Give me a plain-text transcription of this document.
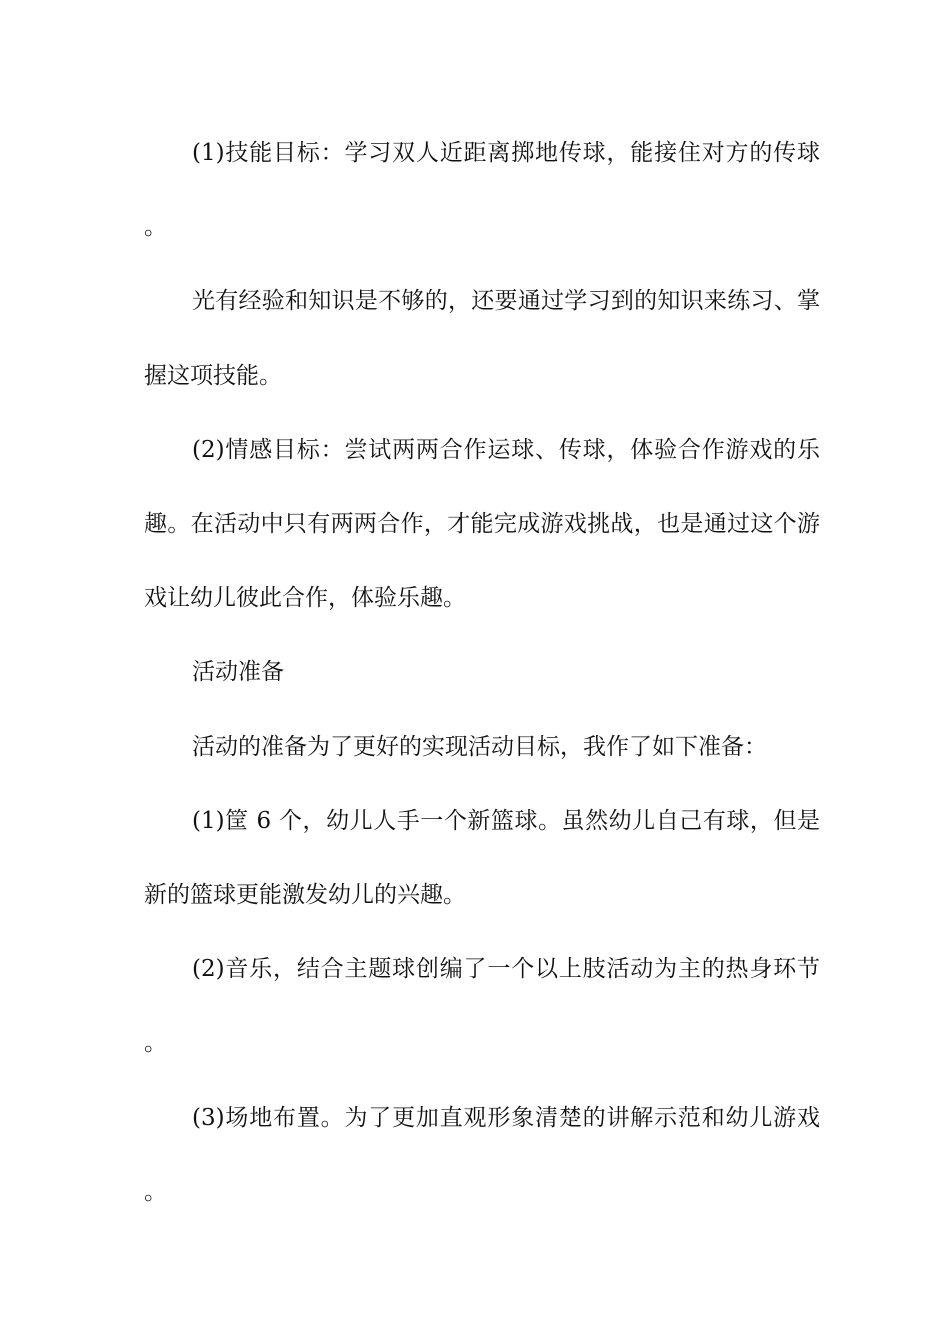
(1)技能目标：学习双人近距离掷地传球，能接住对方的传球。

光有经验和知识是不够的，还要通过学习到的知识来练习、掌握这项技能。

(2)情感目标：尝试两两合作运球、传球，体验合作游戏的乐趣。在活动中只有两两合作，才能完成游戏挑战，也是通过这个游戏让幼儿彼此合作，体验乐趣。

活动准备

活动的准备为了更好的实现活动目标，我作了如下准备：

(1)筐 6 个，幼儿人手一个新篮球。虽然幼儿自己有球，但是新的篮球更能激发幼儿的兴趣。

(2)音乐，结合主题球创编了一个以上肢活动为主的热身环节。

(3)场地布置。为了更加直观形象清楚的讲解示范和幼儿游戏。
